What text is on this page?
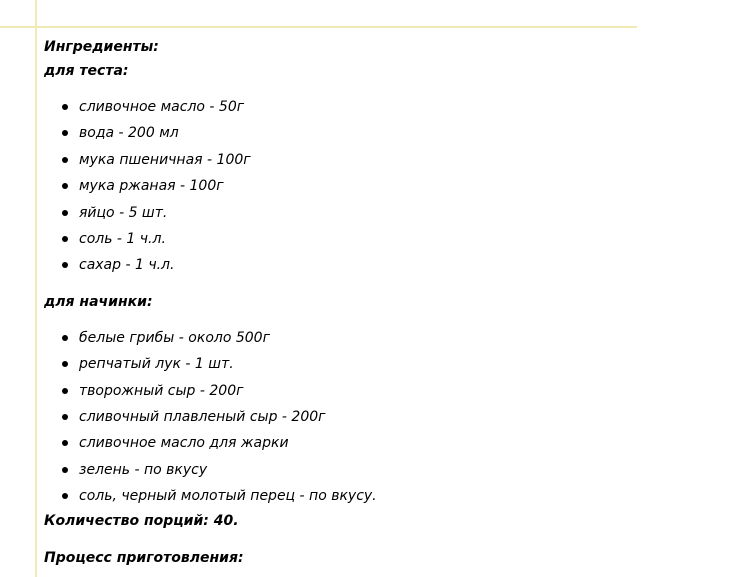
Ингредиенты:
для теста:
сливочное масло - 50г
вода - 200 мл
мука пшеничная - 100г
мука ржаная - 100г
яйцо - 5 шт.
соль - 1 ч.л.
сахар - 1 ч.л.
для начинки:
белые грибы - около 500г
репчатый лук - 1 шт.
творожный сыр - 200г
сливочный плавленый сыр - 200г
сливочное масло для жарки
зелень - по вкусу
соль, черный молотый перец - по вкусу.
Количество порций: 40.
Процесс приготовления:
